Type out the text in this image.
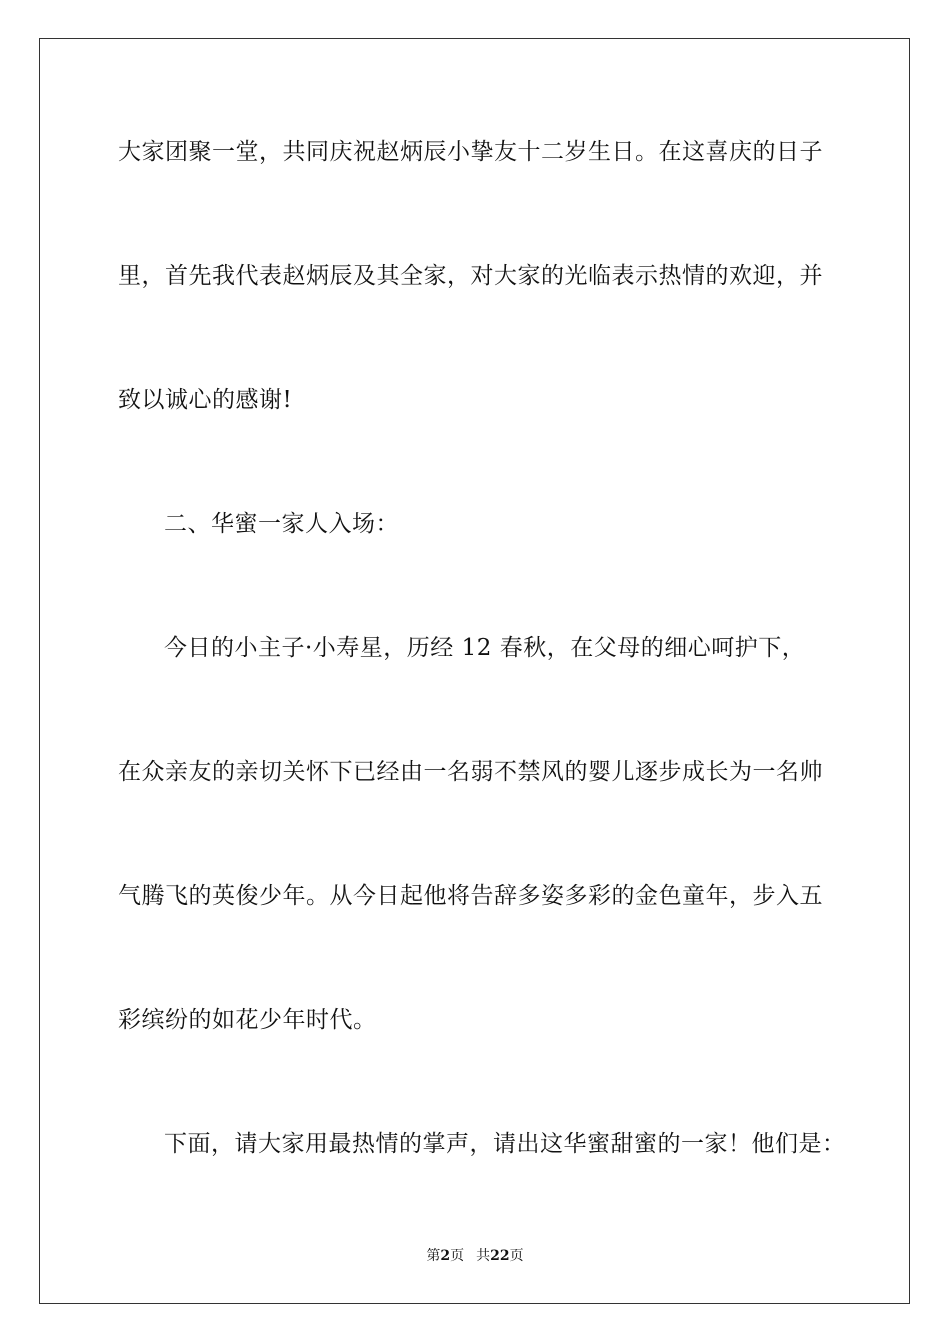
大家团聚一堂，共同庆祝赵炳辰小挚友十二岁生日。在这喜庆的日子
里，首先我代表赵炳辰及其全家，对大家的光临表示热情的欢迎，并
致以诚心的感谢!
二、华蜜一家人入场：
今日的小主子·小寿星，历经 12 春秋，在父母的细心呵护下，
在众亲友的亲切关怀下已经由一名弱不禁风的婴儿逐步成长为一名帅
气腾飞的英俊少年。从今日起他将告辞多姿多彩的金色童年，步入五
彩缤纷的如花少年时代。
下面，请大家用最热情的掌声，请出这华蜜甜蜜的一家！他们是：
第2页 共22页
